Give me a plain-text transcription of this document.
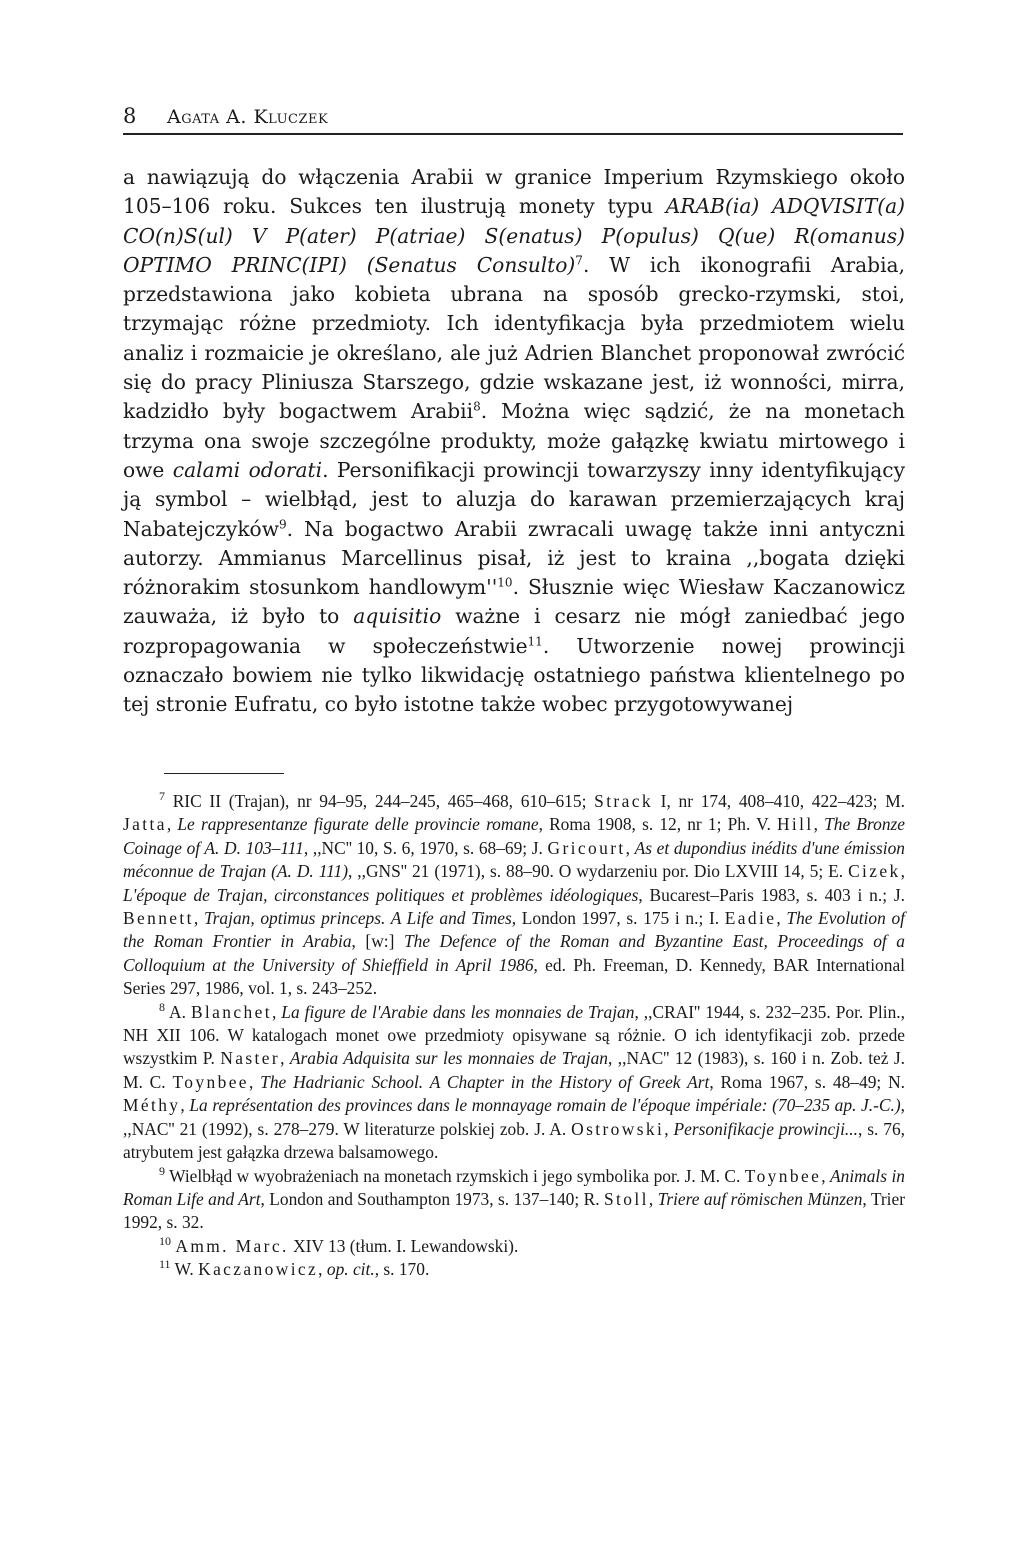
8 Agata A. Kluczek

a nawiązują do włączenia Arabii w granice Imperium Rzymskiego około 105–106 roku. Sukces ten ilustrują monety typu ARAB(ia) ADQVISIT(a) CO(n)S(ul) V P(ater) P(atriae) S(enatus) P(opulus) Q(ue) R(omanus) OPTIMO PRINC(IPI) (Senatus Consulto)$^7$. W ich ikonografii Arabia, przedstawiona jako kobieta ubrana na sposób grecko-rzymski, stoi, trzymając różne przedmioty. Ich identyfikacja była przedmiotem wielu analiz i rozmaicie je określano, ale już Adrien Blanchet proponował zwrócić się do pracy Pliniusza Starszego, gdzie wskazane jest, iż wonności, mirra, kadzidło były bogactwem Arabii$^8$. Można więc sądzić, że na monetach trzyma ona swoje szczególne produkty, może gałązkę kwiatu mirtowego i owe calami odorati. Personifikacji prowincji towarzyszy inny identyfikujący ją symbol – wielbłąd, jest to aluzja do karawan przemierzających kraj Nabatejczyków$^9$. Na bogactwo Arabii zwracali uwagę także inni antyczni autorzy. Ammianus Marcellinus pisał, iż jest to kraina ,,bogata dzięki różnorakim stosunkom $handlowym''^{10}$. Słusznie więc Wiesław Kaczanowicz zauważa, iż było to aquisitio ważne i cesarz nie mógł zaniedbać jego rozpropagowania w społeczeństwie$^{11}$. Utworzenie nowej prowincji oznaczało bowiem nie tylko likwidację ostatniego państwa klientelnego po tej stronie Eufratu, co było istotne także wobec przygotowywanej

$^7$ RIC II (Trajan), nr 94–95, 244–245, 465–468, 610–615; Strack I, nr 174, 408–410, 422–423; M. Jatta, Le rappresentanze figurate delle provincie romane, Roma 1908, s. 12, nr 1; Ph. V. Hill, The Bronze Coinage of A. D. 103–111, ,,NC'' 10, S. 6, 1970, s. 68–69; J. Gricourt, As et dupondius inédits d'une émission méconnue de Trajan (A. D. 111), ,,GNS'' 21 (1971), s. 88–90. O wydarzeniu por. Dio LXVIII 14, 5; E. Cizek, L'époque de Trajan, circonstances politiques et problèmes idéologiques, Bucarest–Paris 1983, s. 403 i n.; J. Bennett, Trajan, optimus princeps. A Life and Times, London 1997, s. 175 i n.; I. Eadie, The Evolution of the Roman Frontier in Arabia, [w:] The Defence of the Roman and Byzantine East, Proceedings of a Colloquium at the University of Shieffield in April 1986, ed. Ph. Freeman, D. Kennedy, BAR International Series 297, 1986, vol. 1, s. 243–252.

$^8$ A. Blanchet, La figure de l'Arabie dans les monnaies de Trajan, ,,CRAI'' 1944, s. 232–235. Por. Plin., NH XII 106. W katalogach monet owe przedmioty opisywane są różnie. O ich identyfikacji zob. przede wszystkim P. Naster, Arabia Adquisita sur les monnaies de Trajan, ,,NAC'' 12 (1983), s. 160 i n. Zob. też J. M. C. Toynbee, The Hadrianic School. A Chapter in the History of Greek Art, Roma 1967, s. 48–49; N. Méthy, La représentation des provinces dans le monnayage romain de l'époque impériale: (70–235 ap. J.-C.), ,,NAC'' 21 (1992), s. 278–279. W literaturze polskiej zob. J. A. Ostrowski, Personifikacje prowincji..., s. 76, atrybutem jest gałązka drzewa balsamowego.

$^9$ Wielbłąd w wyobrażeniach na monetach rzymskich i jego symbolika por. J. M. C. Toynbee, Animals in Roman Life and Art, London and Southampton 1973, s. 137–140; R. Stoll, Triere auf römischen Münzen, Trier 1992, s. 32.

$^{10}$ Amm. Marc. XIV 13 (tłum. I. Lewandowski).

$^{11}$ W. Kaczanowicz, op. cit., s. 170.
